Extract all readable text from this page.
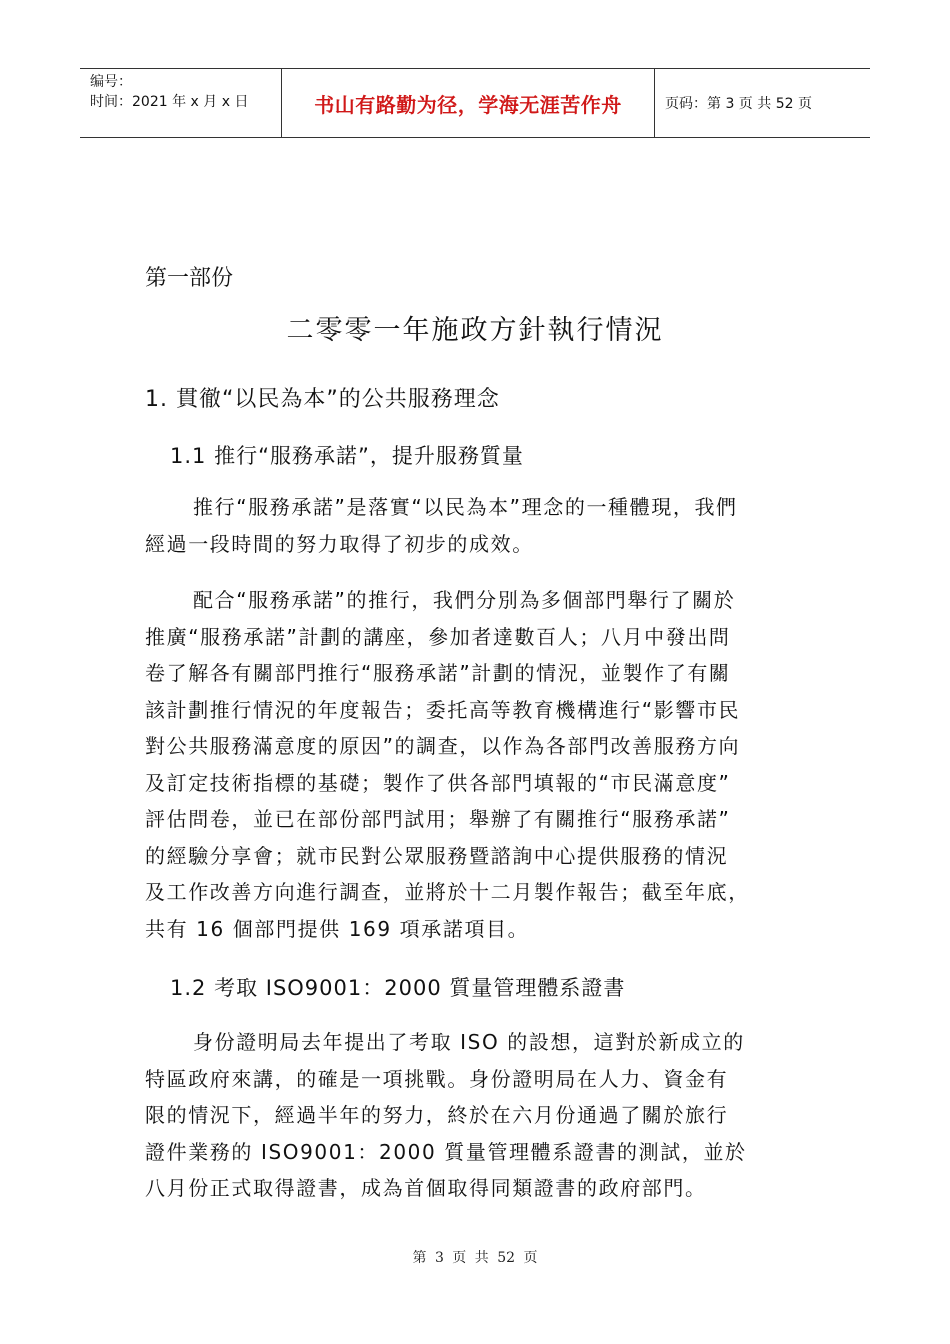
编号：
时间：2021 年 x 月 x 日	书山有路勤为径，学海无涯苦作舟	页码：第 3 页 共 52 页
第一部份
二零零一年施政方針執行情況
1. 貫徹“以民為本”的公共服務理念
1.1 推行“服務承諾”，提升服務質量
推行“服務承諾”是落實“以民為本”理念的一種體現，我們
經過一段時間的努力取得了初步的成效。
配合“服務承諾”的推行，我們分別為多個部門舉行了關於
推廣“服務承諾”計劃的講座，參加者達數百人；八月中發出問
卷了解各有關部門推行“服務承諾”計劃的情況，並製作了有關
該計劃推行情況的年度報告；委托高等教育機構進行“影響市民
對公共服務滿意度的原因”的調查，以作為各部門改善服務方向
及訂定技術指標的基礎；製作了供各部門填報的“市民滿意度”
評估問卷，並已在部份部門試用；舉辦了有關推行“服務承諾”
的經驗分享會；就市民對公眾服務暨諮詢中心提供服務的情況
及工作改善方向進行調查，並將於十二月製作報告；截至年底，
共有 16 個部門提供 169 項承諾項目。
1.2 考取 ISO9001：2000 質量管理體系證書
身份證明局去年提出了考取 ISO 的設想，這對於新成立的
特區政府來講，的確是一項挑戰。身份證明局在人力、資金有
限的情況下，經過半年的努力，終於在六月份通過了關於旅行
證件業務的 ISO9001：2000 質量管理體系證書的測試，並於
八月份正式取得證書，成為首個取得同類證書的政府部門。
第 3 页 共 52 页
